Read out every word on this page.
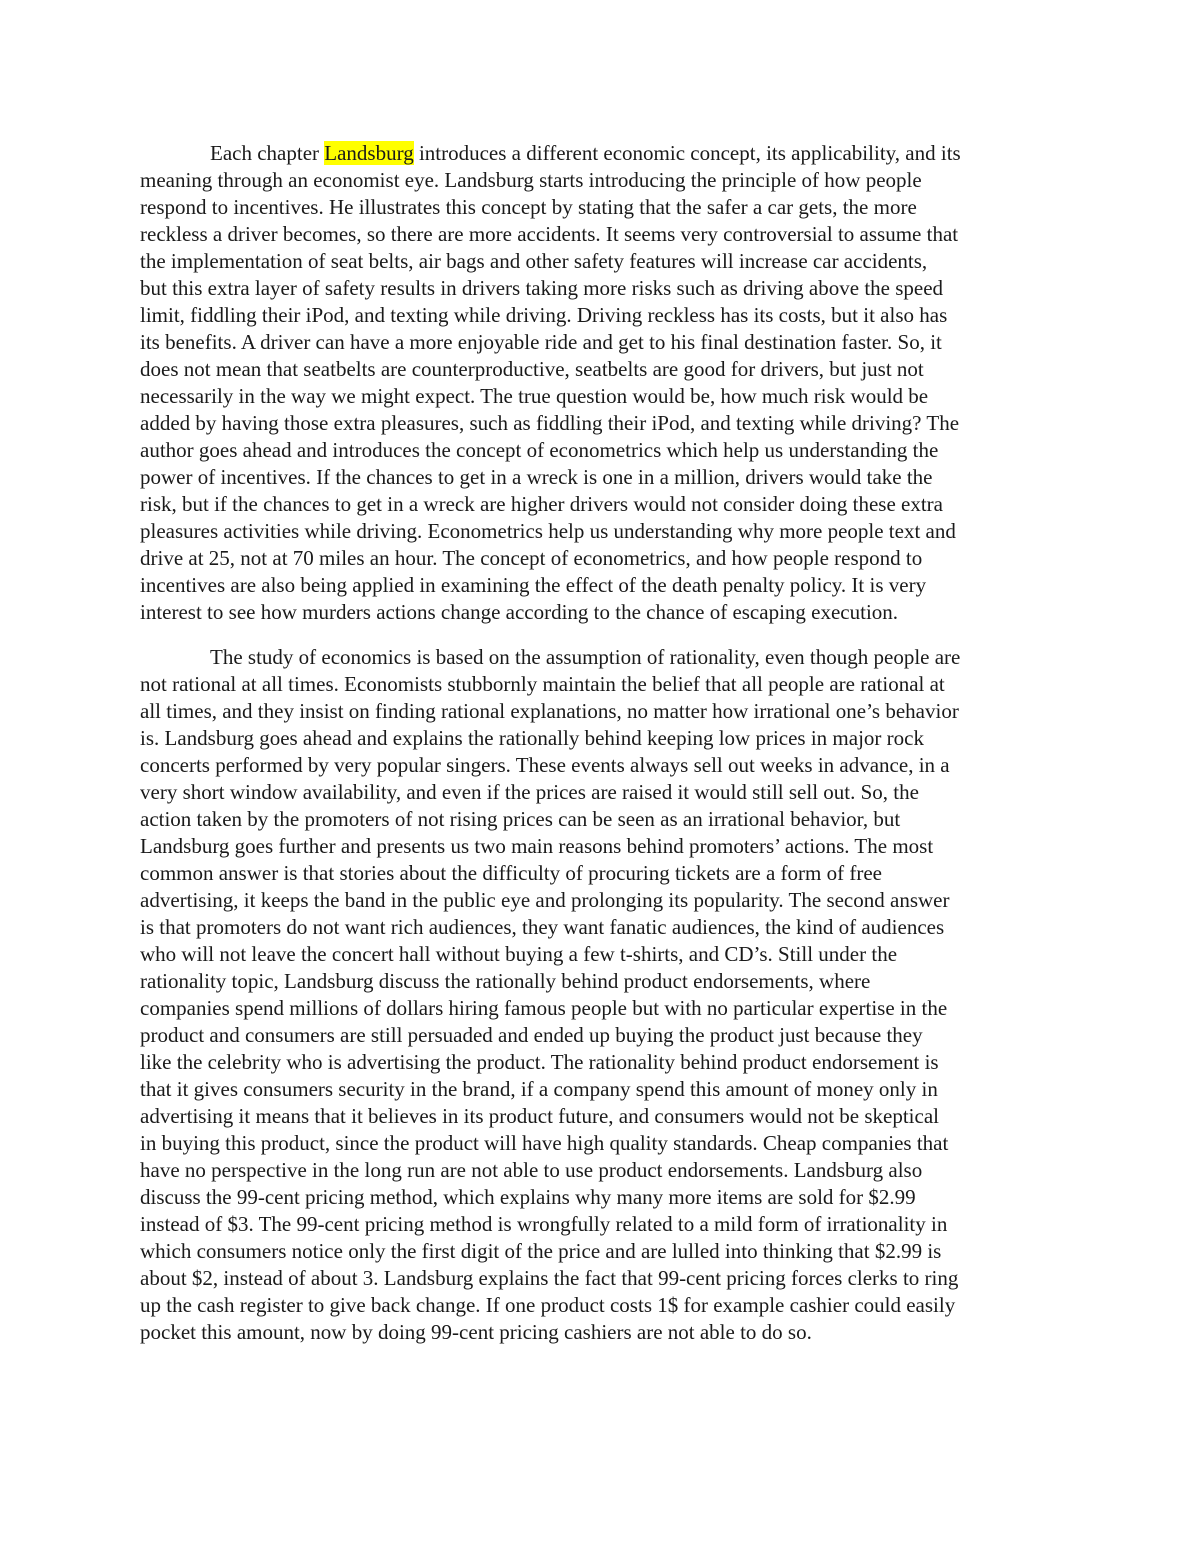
Each chapter Landsburg introduces a different economic concept, its applicability, and its
meaning through an economist eye. Landsburg starts introducing the principle of how people
respond to incentives. He illustrates this concept by stating that the safer a car gets, the more
reckless a driver becomes, so there are more accidents. It seems very controversial to assume that
the implementation of seat belts, air bags and other safety features will increase car accidents,
but this extra layer of safety results in drivers taking more risks such as driving above the speed
limit, fiddling their iPod, and texting while driving. Driving reckless has its costs, but it also has
its benefits. A driver can have a more enjoyable ride and get to his final destination faster. So, it
does not mean that seatbelts are counterproductive, seatbelts are good for drivers, but just not
necessarily in the way we might expect. The true question would be, how much risk would be
added by having those extra pleasures, such as fiddling their iPod, and texting while driving? The
author goes ahead and introduces the concept of econometrics which help us understanding the
power of incentives. If the chances to get in a wreck is one in a million, drivers would take the
risk, but if the chances to get in a wreck are higher drivers would not consider doing these extra
pleasures activities while driving. Econometrics help us understanding why more people text and
drive at 25, not at 70 miles an hour. The concept of econometrics, and how people respond to
incentives are also being applied in examining the effect of the death penalty policy. It is very
interest to see how murders actions change according to the chance of escaping execution.
The study of economics is based on the assumption of rationality, even though people are
not rational at all times. Economists stubbornly maintain the belief that all people are rational at
all times, and they insist on finding rational explanations, no matter how irrational one’s behavior
is. Landsburg goes ahead and explains the rationally behind keeping low prices in major rock
concerts performed by very popular singers. These events always sell out weeks in advance, in a
very short window availability, and even if the prices are raised it would still sell out. So, the
action taken by the promoters of not rising prices can be seen as an irrational behavior, but
Landsburg goes further and presents us two main reasons behind promoters’ actions. The most
common answer is that stories about the difficulty of procuring tickets are a form of free
advertising, it keeps the band in the public eye and prolonging its popularity. The second answer
is that promoters do not want rich audiences, they want fanatic audiences, the kind of audiences
who will not leave the concert hall without buying a few t-shirts, and CD’s. Still under the
rationality topic, Landsburg discuss the rationally behind product endorsements, where
companies spend millions of dollars hiring famous people but with no particular expertise in the
product and consumers are still persuaded and ended up buying the product just because they
like the celebrity who is advertising the product. The rationality behind product endorsement is
that it gives consumers security in the brand, if a company spend this amount of money only in
advertising it means that it believes in its product future, and consumers would not be skeptical
in buying this product, since the product will have high quality standards. Cheap companies that
have no perspective in the long run are not able to use product endorsements. Landsburg also
discuss the 99-cent pricing method, which explains why many more items are sold for $2.99
instead of $3. The 99-cent pricing method is wrongfully related to a mild form of irrationality in
which consumers notice only the first digit of the price and are lulled into thinking that $2.99 is
about $2, instead of about 3. Landsburg explains the fact that 99-cent pricing forces clerks to ring
up the cash register to give back change. If one product costs 1$ for example cashier could easily
pocket this amount, now by doing 99-cent pricing cashiers are not able to do so.
